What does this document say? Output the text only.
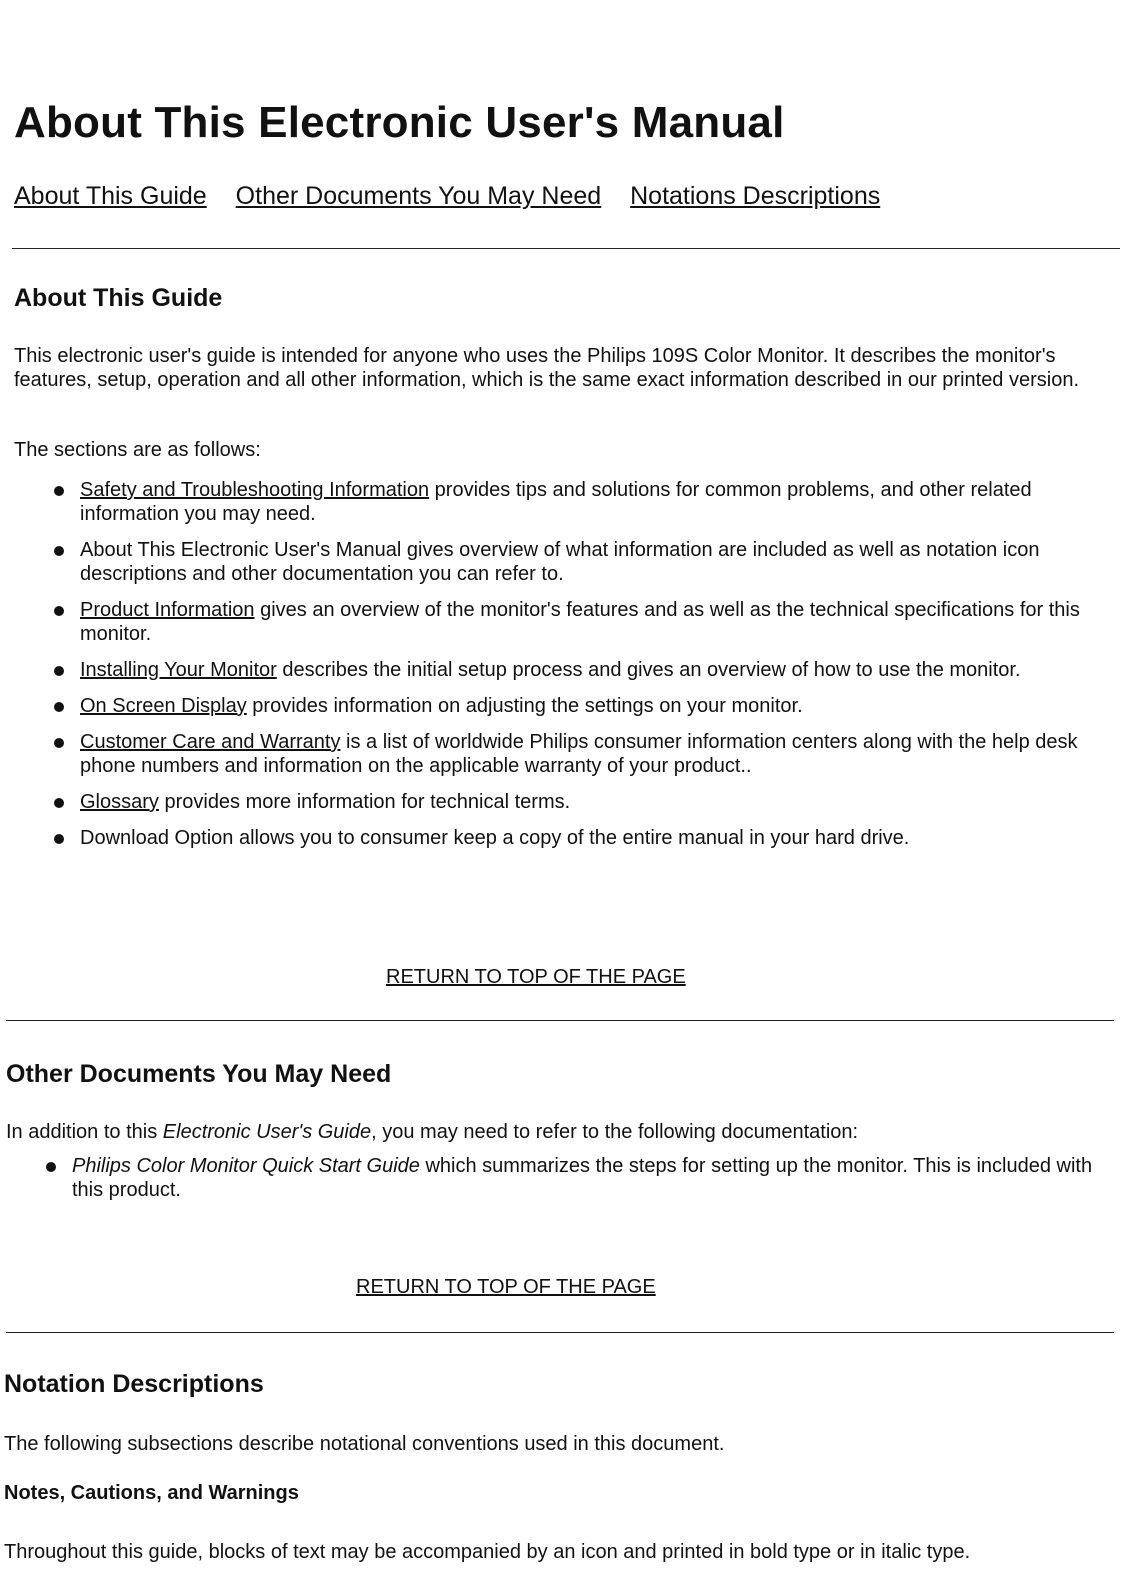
About This Electronic User's Manual
About This Guide Other Documents You May Need Notations Descriptions
About This Guide

This electronic user's guide is intended for anyone who uses the Philips 109S Color Monitor. It describes the monitor's features, setup, operation and all other information, which is the same exact information described in our printed version.

The sections are as follows:

Safety and Troubleshooting Information provides tips and solutions for common problems, and other related information you may need.
About This Electronic User's Manual gives overview of what information are included as well as notation icon descriptions and other documentation you can refer to.
Product Information gives an overview of the monitor's features and as well as the technical specifications for this monitor.
Installing Your Monitor describes the initial setup process and gives an overview of how to use the monitor.
On Screen Display provides information on adjusting the settings on your monitor.
Customer Care and Warranty is a list of worldwide Philips consumer information centers along with the help desk phone numbers and information on the applicable warranty of your product..
Glossary provides more information for technical terms.
Download Option allows you to consumer keep a copy of the entire manual in your hard drive.
RETURN TO TOP OF THE PAGE
Other Documents You May Need

In addition to this Electronic User's Guide, you may need to refer to the following documentation:

Philips Color Monitor Quick Start Guide which summarizes the steps for setting up the monitor. This is included with this product.
RETURN TO TOP OF THE PAGE
Notation Descriptions

The following subsections describe notational conventions used in this document.

Notes, Cautions, and Warnings

Throughout this guide, blocks of text may be accompanied by an icon and printed in bold type or in italic type.
